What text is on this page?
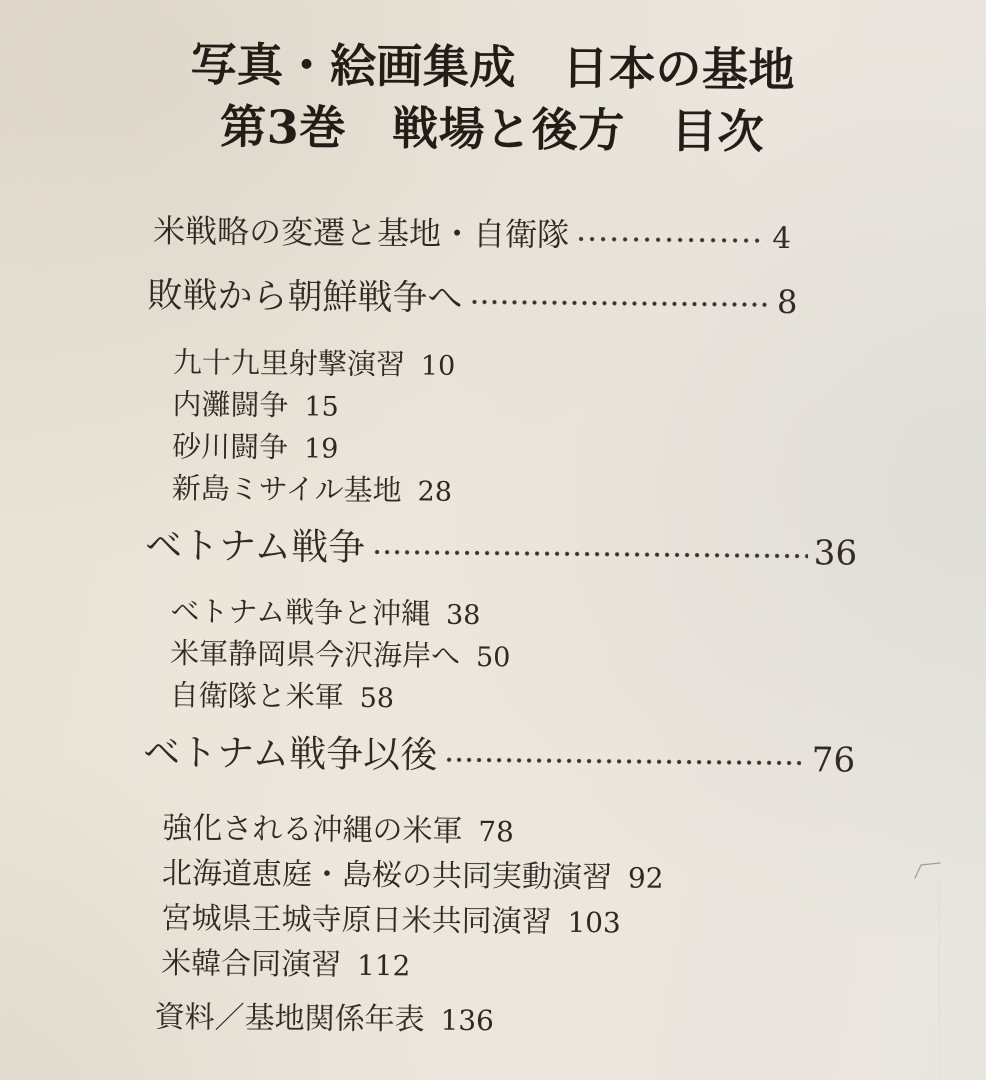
写真・絵画集成　日本の基地
第3巻　戦場と後方　目次
米戦略の変遷と基地・自衛隊	4
敗戦から朝鮮戦争へ	8
九十九里射撃演習 10
内灘闘争 15
砂川闘争 19
新島ミサイル基地 28
ベトナム戦争	36
ベトナム戦争と沖縄 38
米軍静岡県今沢海岸へ 50
自衛隊と米軍 58
ベトナム戦争以後	76
強化される沖縄の米軍 78
北海道恵庭・島桜の共同実動演習 92
宮城県王城寺原日米共同演習 103
米韓合同演習 112
資料／基地関係年表 136
